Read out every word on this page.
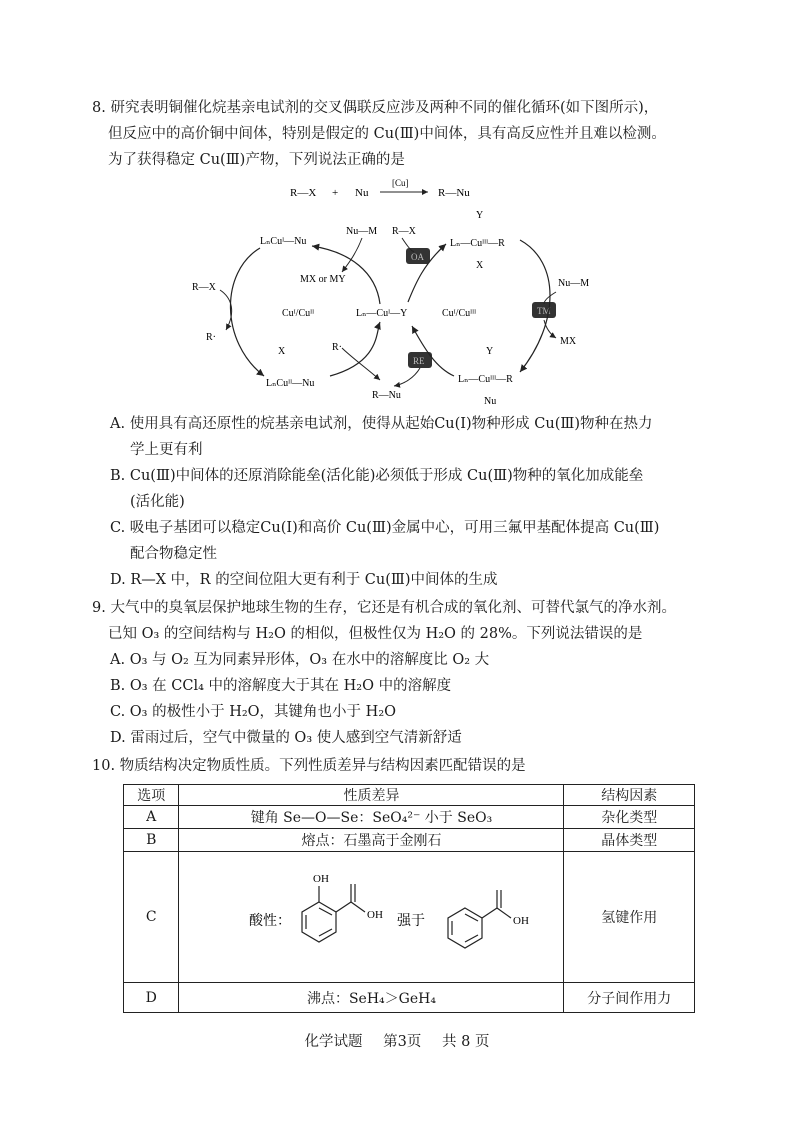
8. 研究表明铜催化烷基亲电试剂的交叉偶联反应涉及两种不同的催化循环(如下图所示)，
但反应中的高价铜中间体，特别是假定的 Cu(Ⅲ)中间体，具有高反应性并且难以检测。
为了获得稳定 Cu(Ⅲ)产物，下列说法正确的是
R—X + Nu
[Cu]
R—Nu
LₙCuᴵ—Nu
Nu—M
MX or MY
R—X
R·
Cuᴵ/Cuᴵᴵ	Lₙ—Cuᴵ—Y
R·
X
LₙCuᴵᴵ—Nu
R—X
OA
Y
Lₙ—Cuᴵᴵᴵ—R
X
Cuᴵ/Cuᴵᴵᴵ
Nu—M
TM
MX
RE
Y
Lₙ—Cuᴵᴵᴵ—R
Nu
R—Nu
A. 使用具有高还原性的烷基亲电试剂，使得从起始Cu(Ⅰ)物种形成 Cu(Ⅲ)物种在热力
学上更有利
B. Cu(Ⅲ)中间体的还原消除能垒(活化能)必须低于形成 Cu(Ⅲ)物种的氧化加成能垒
(活化能)
C. 吸电子基团可以稳定Cu(Ⅰ)和高价 Cu(Ⅲ)金属中心，可用三氟甲基配体提高 Cu(Ⅲ)
配合物稳定性
D. R—X 中，R 的空间位阻大更有利于 Cu(Ⅲ)中间体的生成
9. 大气中的臭氧层保护地球生物的生存，它还是有机合成的氧化剂、可替代氯气的净水剂。
已知 O₃ 的空间结构与 H₂O 的相似，但极性仅为 H₂O 的 28%。下列说法错误的是
A. O₃ 与 O₂ 互为同素异形体，O₃ 在水中的溶解度比 O₂ 大
B. O₃ 在 CCl₄ 中的溶解度大于其在 H₂O 中的溶解度
C. O₃ 的极性小于 H₂O，其键角也小于 H₂O
D. 雷雨过后，空气中微量的 O₃ 使人感到空气清新舒适
10. 物质结构决定物质性质。下列性质差异与结构因素匹配错误的是
选项	性质差异	结构因素
A	键角 Se—O—Se：SeO₄²⁻ 小于 SeO₃	杂化类型
B	熔点：石墨高于金刚石	晶体类型
C	酸性：
OH
OH 强于 OH	氢键作用
D	沸点：SeH₄＞GeH₄	分子间作用力
化学试题 第3页 共 8 页
